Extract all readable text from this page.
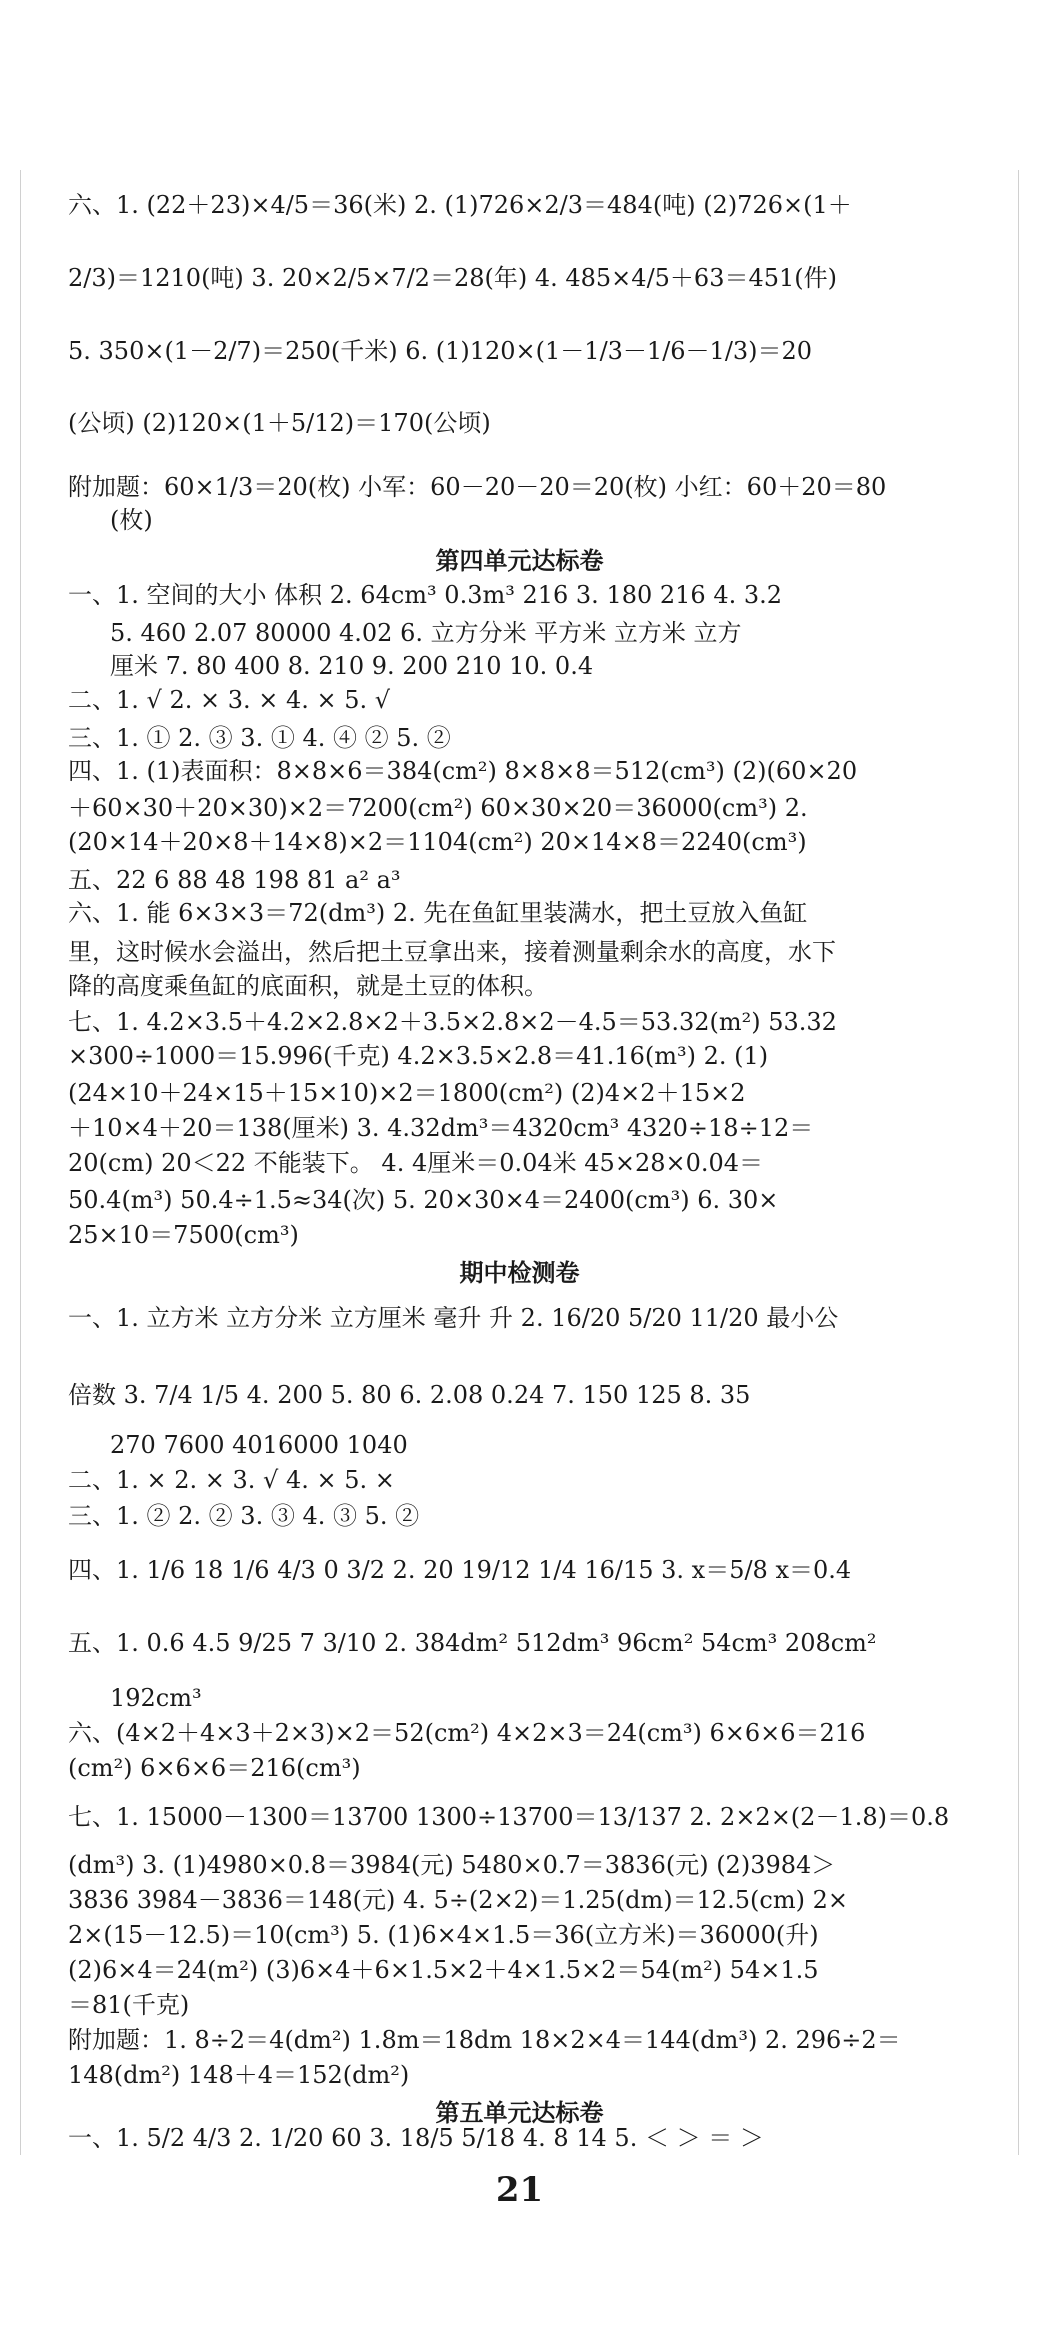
六、1. (22＋23)×4/5＝36(米) 2. (1)726×2/3＝484(吨) (2)726×(1＋
2/3)＝1210(吨) 3. 20×2/5×7/2＝28(年) 4. 485×4/5＋63＝451(件)
5. 350×(1－2/7)＝250(千米) 6. (1)120×(1－1/3－1/6－1/3)＝20
(公顷) (2)120×(1＋5/12)＝170(公顷)
附加题：60×1/3＝20(枚) 小军：60－20－20＝20(枚) 小红：60＋20＝80
(枚)
第四单元达标卷
一、1. 空间的大小 体积 2. 64cm³ 0.3m³ 216 3. 180 216 4. 3.2
5. 460 2.07 80000 4.02 6. 立方分米 平方米 立方米 立方
厘米 7. 80 400 8. 210 9. 200 210 10. 0.4
二、1. √ 2. × 3. × 4. × 5. √
三、1. ① 2. ③ 3. ① 4. ④ ② 5. ②
四、1. (1)表面积：8×8×6＝384(cm²) 8×8×8＝512(cm³) (2)(60×20
＋60×30＋20×30)×2＝7200(cm²) 60×30×20＝36000(cm³) 2.
(20×14＋20×8＋14×8)×2＝1104(cm²) 20×14×8＝2240(cm³)
五、22 6 88 48 198 81 a² a³
六、1. 能 6×3×3＝72(dm³) 2. 先在鱼缸里装满水，把土豆放入鱼缸
里，这时候水会溢出，然后把土豆拿出来，接着测量剩余水的高度，水下
降的高度乘鱼缸的底面积，就是土豆的体积。
七、1. 4.2×3.5＋4.2×2.8×2＋3.5×2.8×2－4.5＝53.32(m²) 53.32
×300÷1000＝15.996(千克) 4.2×3.5×2.8＝41.16(m³) 2. (1)
(24×10＋24×15＋15×10)×2＝1800(cm²) (2)4×2＋15×2
＋10×4＋20＝138(厘米) 3. 4.32dm³＝4320cm³ 4320÷18÷12＝
20(cm) 20＜22 不能装下。 4. 4厘米＝0.04米 45×28×0.04＝
50.4(m³) 50.4÷1.5≈34(次) 5. 20×30×4＝2400(cm³) 6. 30×
25×10＝7500(cm³)
期中检测卷
一、1. 立方米 立方分米 立方厘米 毫升 升 2. 16/20 5/20 11/20 最小公
倍数 3. 7/4 1/5 4. 200 5. 80 6. 2.08 0.24 7. 150 125 8. 35
270 7600 4016000 1040
二、1. × 2. × 3. √ 4. × 5. ×
三、1. ② 2. ② 3. ③ 4. ③ 5. ②
四、1. 1/6 18 1/6 4/3 0 3/2 2. 20 19/12 1/4 16/15 3. x＝5/8 x＝0.4
五、1. 0.6 4.5 9/25 7 3/10 2. 384dm² 512dm³ 96cm² 54cm³ 208cm²
192cm³
六、(4×2＋4×3＋2×3)×2＝52(cm²) 4×2×3＝24(cm³) 6×6×6＝216
(cm²) 6×6×6＝216(cm³)
七、1. 15000－1300＝13700 1300÷13700＝13/137 2. 2×2×(2－1.8)＝0.8
(dm³) 3. (1)4980×0.8＝3984(元) 5480×0.7＝3836(元) (2)3984＞
3836 3984－3836＝148(元) 4. 5÷(2×2)＝1.25(dm)＝12.5(cm) 2×
2×(15－12.5)＝10(cm³) 5. (1)6×4×1.5＝36(立方米)＝36000(升)
(2)6×4＝24(m²) (3)6×4＋6×1.5×2＋4×1.5×2＝54(m²) 54×1.5
＝81(千克)
附加题：1. 8÷2＝4(dm²) 1.8m＝18dm 18×2×4＝144(dm³) 2. 296÷2＝
148(dm²) 148＋4＝152(dm²)
第五单元达标卷
一、1. 5/2 4/3 2. 1/20 60 3. 18/5 5/18 4. 8 14 5. ＜ ＞ ＝ ＞
21
